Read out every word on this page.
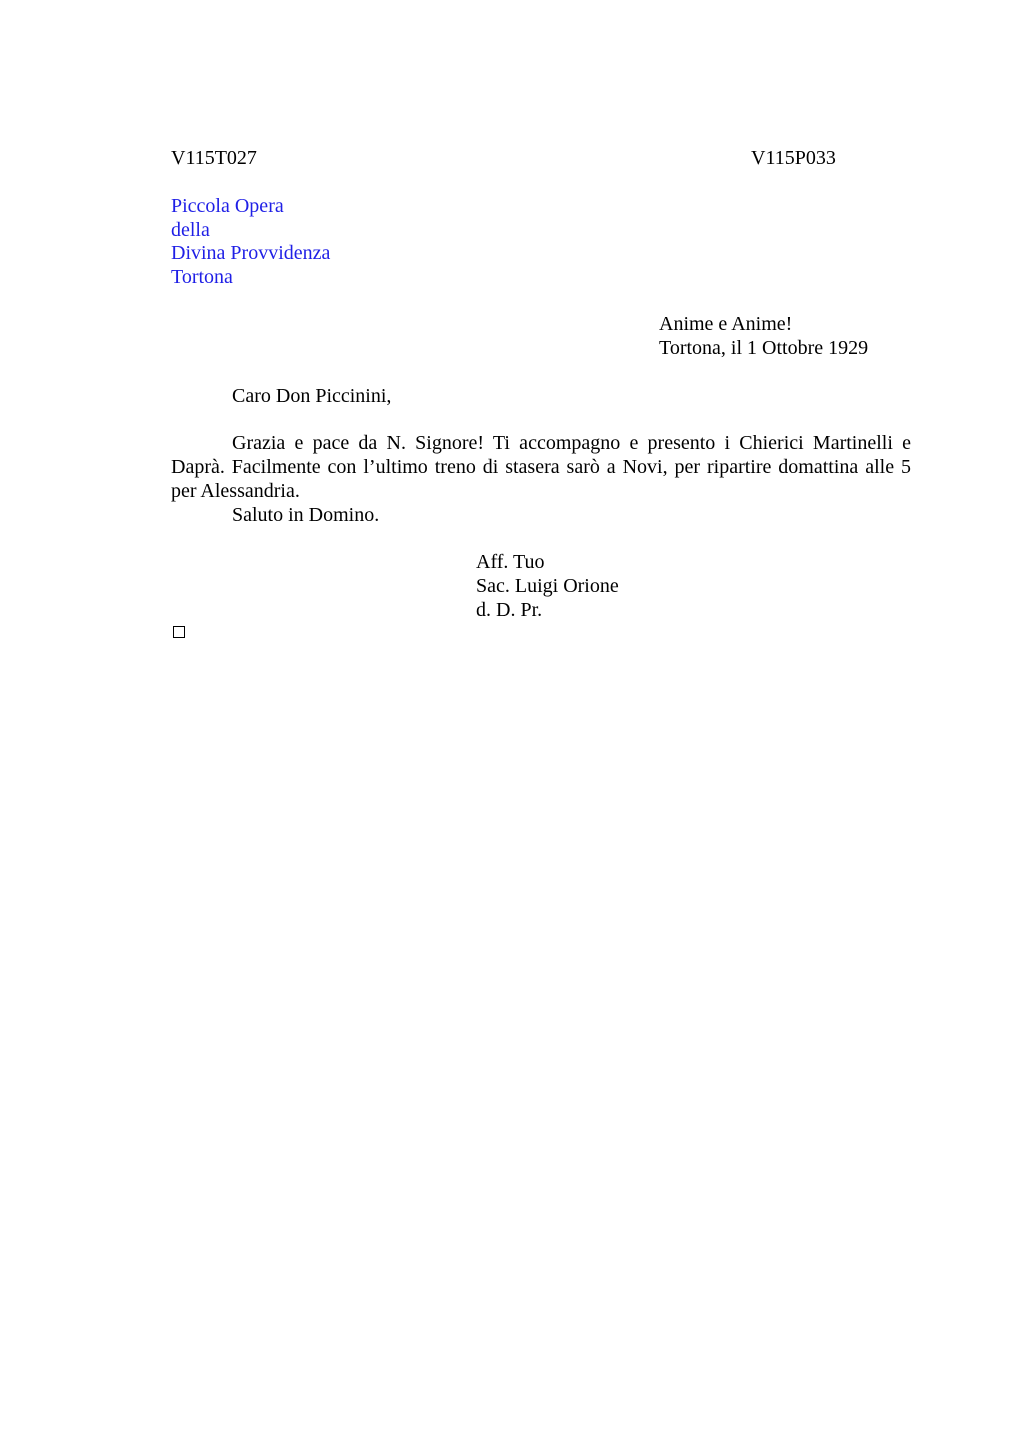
V115T027	V115P033
Piccola Opera
della
Divina Provvidenza
Tortona
Anime e Anime!
Tortona, il 1 Ottobre 1929
Caro Don Piccinini,

Grazia e pace da N. Signore! Ti accompagno e presento i Chierici Martinelli e Daprà. Facilmente con l’ultimo treno di stasera sarò a Novi, per ripartire domattina alle 5 per Alessandria.

Saluto in Domino.

Aff. Tuo
Sac. Luigi Orione
d. D. Pr.
